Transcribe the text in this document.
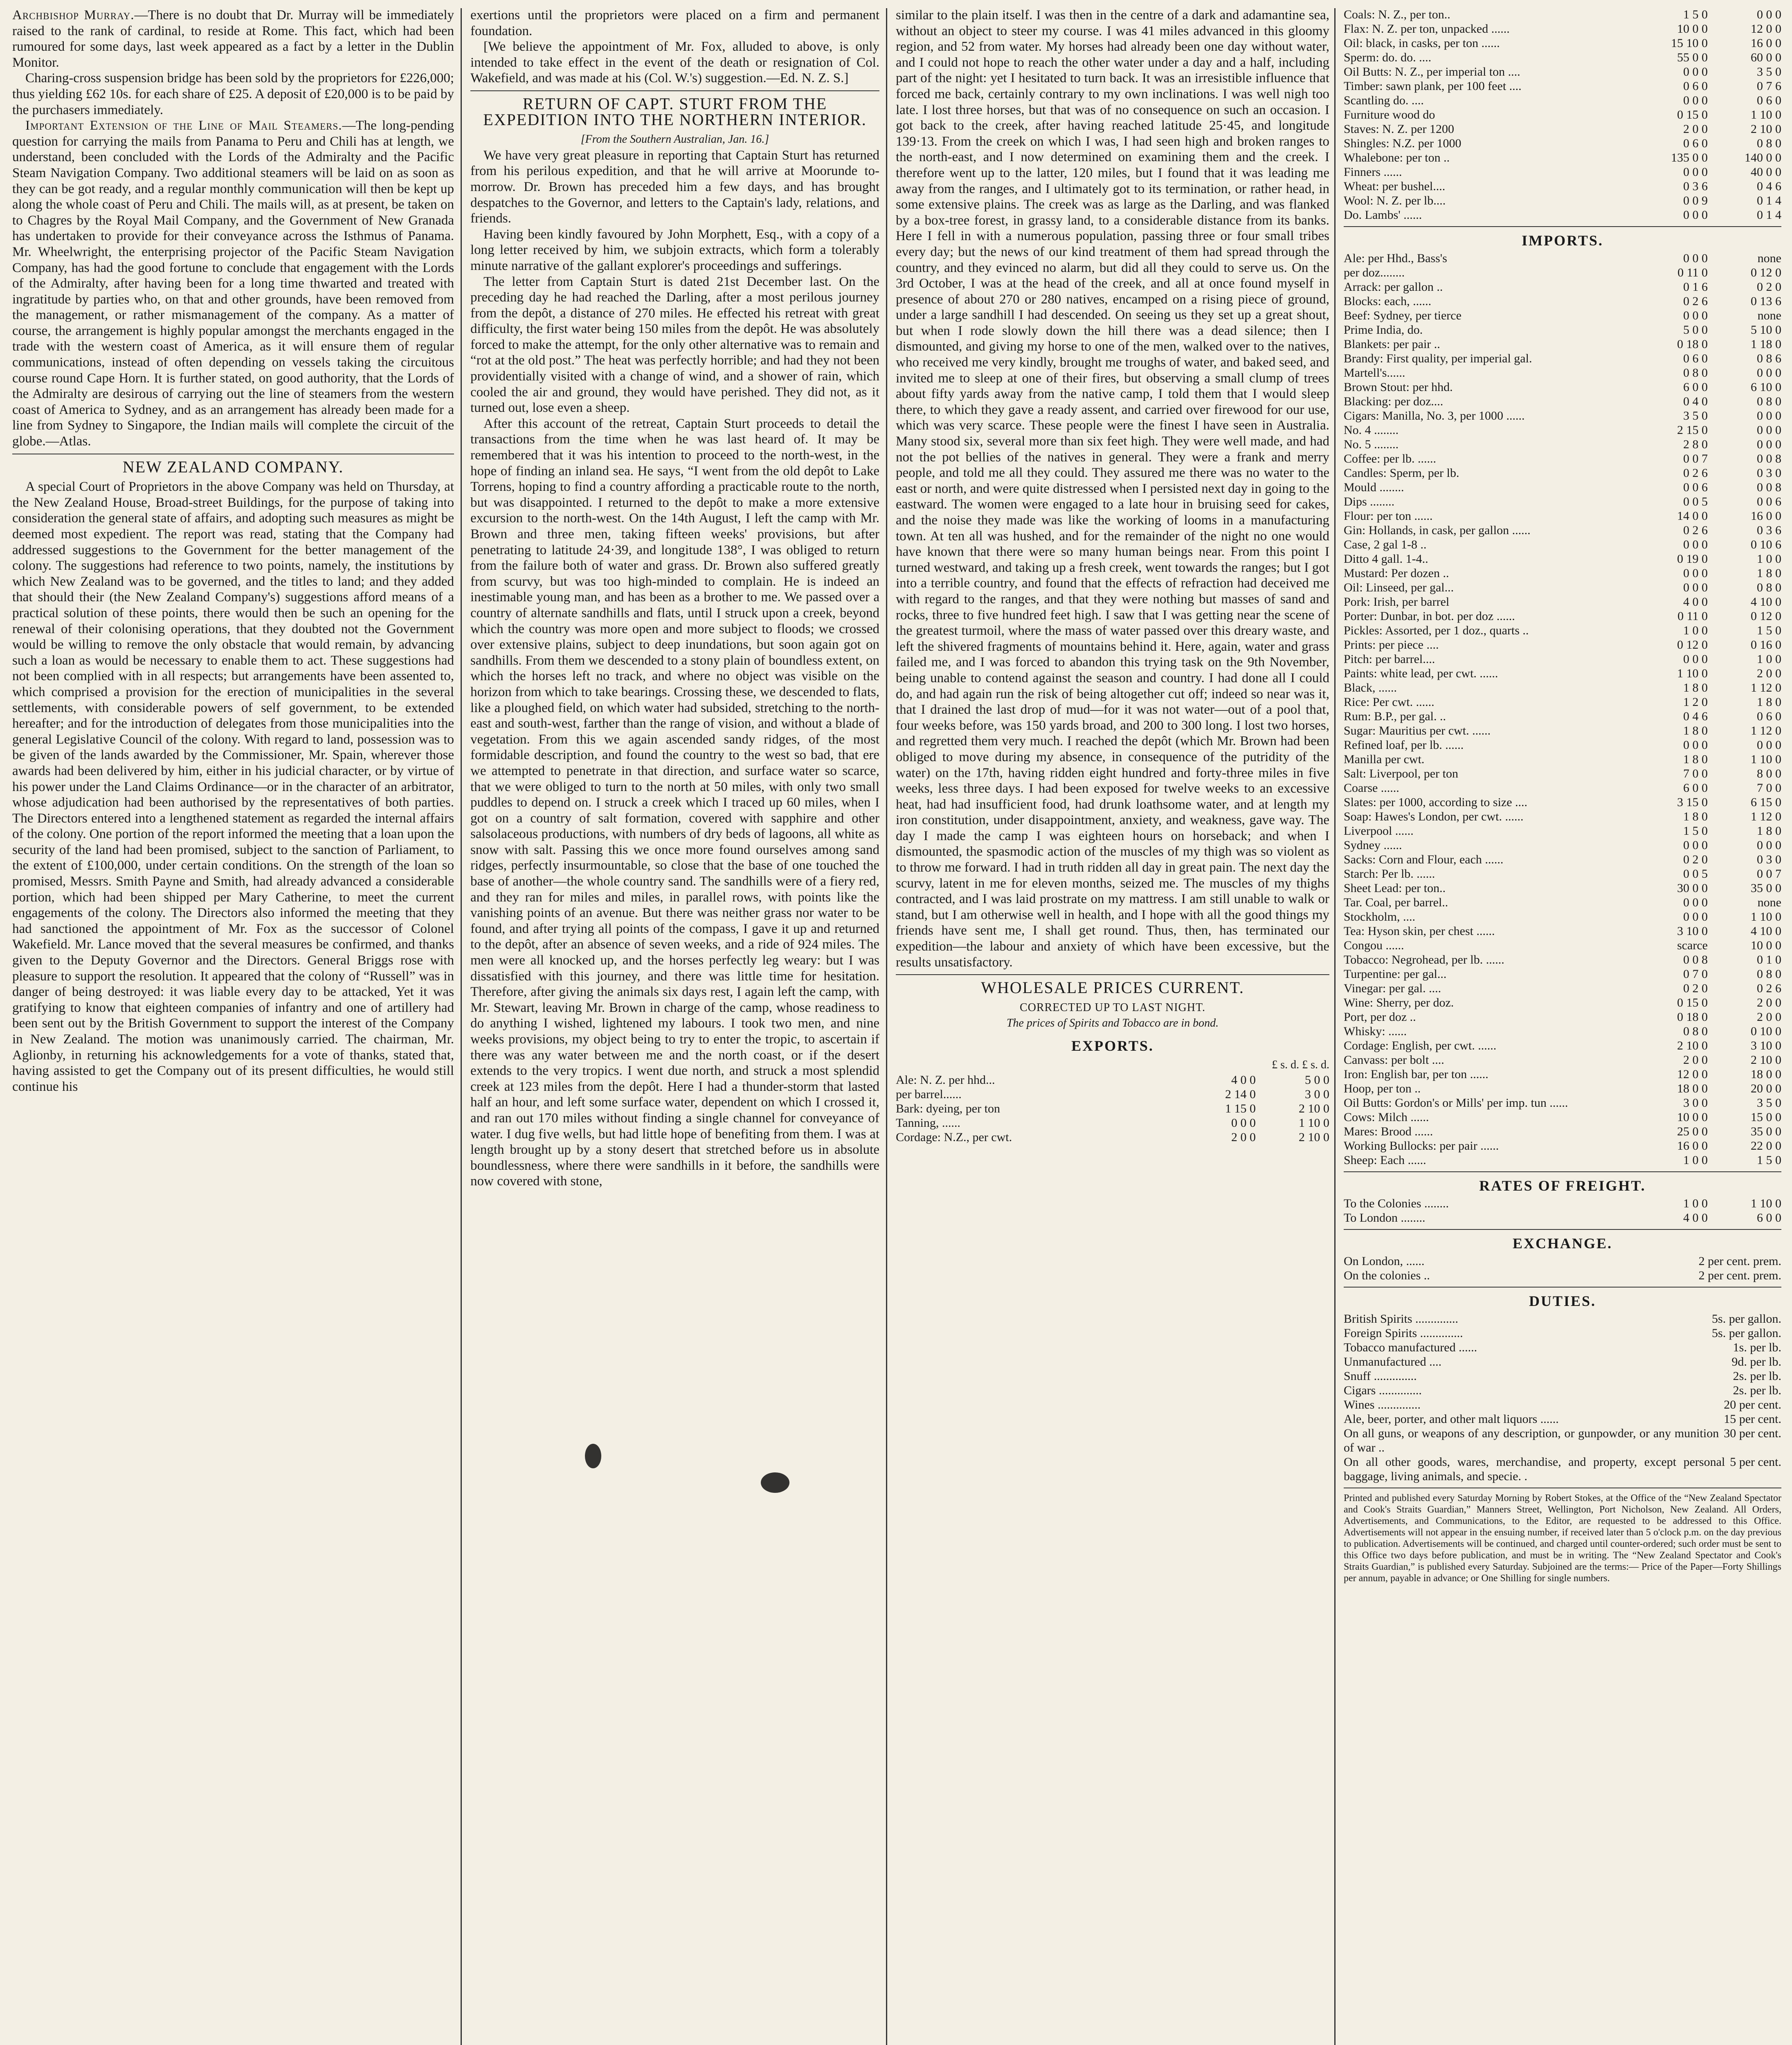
Archbishop Murray.—There is no doubt that Dr. Murray will be immediately raised to the rank of cardinal, to reside at Rome. This fact, which had been rumoured for some days, last week appeared as a fact by a letter in the Dublin Monitor.

Charing-cross suspension bridge has been sold by the proprietors for £226,000; thus yielding £62 10s. for each share of £25. A deposit of £20,000 is to be paid by the purchasers immediately.

Important Extension of the Line of Mail Steamers.—The long-pending question for carrying the mails from Panama to Peru and Chili has at length, we understand, been concluded with the Lords of the Admiralty and the Pacific Steam Navigation Company. Two additional steamers will be laid on as soon as they can be got ready, and a regular monthly communication will then be kept up along the whole coast of Peru and Chili. The mails will, as at present, be taken on to Chagres by the Royal Mail Company, and the Government of New Granada has undertaken to provide for their conveyance across the Isthmus of Panama. Mr. Wheelwright, the enterprising projector of the Pacific Steam Navigation Company, has had the good fortune to conclude that engagement with the Lords of the Admiralty, after having been for a long time thwarted and treated with ingratitude by parties who, on that and other grounds, have been removed from the management, or rather mismanagement of the company. As a matter of course, the arrangement is highly popular amongst the merchants engaged in the trade with the western coast of America, as it will ensure them of regular communications, instead of often depending on vessels taking the circuitous course round Cape Horn. It is further stated, on good authority, that the Lords of the Admiralty are desirous of carrying out the line of steamers from the western coast of America to Sydney, and as an arrangement has already been made for a line from Sydney to Singapore, the Indian mails will complete the circuit of the globe.—Atlas.

NEW ZEALAND COMPANY.

A special Court of Proprietors in the above Company was held on Thursday, at the New Zealand House, Broad-street Buildings, for the purpose of taking into consideration the general state of affairs, and adopting such measures as might be deemed most expedient. The report was read, stating that the Company had addressed suggestions to the Government for the better management of the colony. The suggestions had reference to two points, namely, the institutions by which New Zealand was to be governed, and the titles to land; and they added that should their (the New Zealand Company's) suggestions afford means of a practical solution of these points, there would then be such an opening for the renewal of their colonising operations, that they doubted not the Government would be willing to remove the only obstacle that would remain, by advancing such a loan as would be necessary to enable them to act. These suggestions had not been complied with in all respects; but arrangements have been assented to, which comprised a provision for the erection of municipalities in the several settlements, with considerable powers of self government, to be extended hereafter; and for the introduction of delegates from those municipalities into the general Legislative Council of the colony. With regard to land, possession was to be given of the lands awarded by the Commissioner, Mr. Spain, wherever those awards had been delivered by him, either in his judicial character, or by virtue of his power under the Land Claims Ordinance—or in the character of an arbitrator, whose adjudication had been authorised by the representatives of both parties. The Directors entered into a lengthened statement as regarded the internal affairs of the colony. One portion of the report informed the meeting that a loan upon the security of the land had been promised, subject to the sanction of Parliament, to the extent of £100,000, under certain conditions. On the strength of the loan so promised, Messrs. Smith Payne and Smith, had already advanced a considerable portion, which had been shipped per Mary Catherine, to meet the current engagements of the colony. The Directors also informed the meeting that they had sanctioned the appointment of Mr. Fox as the successor of Colonel Wakefield. Mr. Lance moved that the several measures be confirmed, and thanks given to the Deputy Governor and the Directors. General Briggs rose with pleasure to support the resolution. It appeared that the colony of “Russell” was in danger of being destroyed: it was liable every day to be attacked, Yet it was gratifying to know that eighteen companies of infantry and one of artillery had been sent out by the British Government to support the interest of the Company in New Zealand. The motion was unanimously carried. The chairman, Mr. Aglionby, in returning his acknowledgements for a vote of thanks, stated that, having assisted to get the Company out of its present difficulties, he would still continue his

exertions until the proprietors were placed on a firm and permanent foundation.

[We believe the appointment of Mr. Fox, alluded to above, is only intended to take effect in the event of the death or resignation of Col. Wakefield, and was made at his (Col. W.'s) suggestion.—Ed. N. Z. S.]

RETURN OF CAPT. STURT FROM THE EXPEDITION INTO THE NORTHERN INTERIOR.

[From the Southern Australian, Jan. 16.]

We have very great pleasure in reporting that Captain Sturt has returned from his perilous expedition, and that he will arrive at Moorunde to-morrow. Dr. Brown has preceded him a few days, and has brought despatches to the Governor, and letters to the Captain's lady, relations, and friends.

Having been kindly favoured by John Morphett, Esq., with a copy of a long letter received by him, we subjoin extracts, which form a tolerably minute narrative of the gallant explorer's proceedings and sufferings.

The letter from Captain Sturt is dated 21st December last. On the preceding day he had reached the Darling, after a most perilous journey from the depôt, a distance of 270 miles. He effected his retreat with great difficulty, the first water being 150 miles from the depôt. He was absolutely forced to make the attempt, for the only other alternative was to remain and “rot at the old post.” The heat was perfectly horrible; and had they not been providentially visited with a change of wind, and a shower of rain, which cooled the air and ground, they would have perished. They did not, as it turned out, lose even a sheep.

After this account of the retreat, Captain Sturt proceeds to detail the transactions from the time when he was last heard of. It may be remembered that it was his intention to proceed to the north-west, in the hope of finding an inland sea. He says, “I went from the old depôt to Lake Torrens, hoping to find a country affording a practicable route to the north, but was disappointed. I returned to the depôt to make a more extensive excursion to the north-west. On the 14th August, I left the camp with Mr. Brown and three men, taking fifteen weeks' provisions, but after penetrating to latitude 24·39, and longitude 138°, I was obliged to return from the failure both of water and grass. Dr. Brown also suffered greatly from scurvy, but was too high-minded to complain. He is indeed an inestimable young man, and has been as a brother to me. We passed over a country of alternate sandhills and flats, until I struck upon a creek, beyond which the country was more open and more subject to floods; we crossed over extensive plains, subject to deep inundations, but soon again got on sandhills. From them we descended to a stony plain of boundless extent, on which the horses left no track, and where no object was visible on the horizon from which to take bearings. Crossing these, we descended to flats, like a ploughed field, on which water had subsided, stretching to the north-east and south-west, farther than the range of vision, and without a blade of vegetation. From this we again ascended sandy ridges, of the most formidable description, and found the country to the west so bad, that ere we attempted to penetrate in that direction, and surface water so scarce, that we were obliged to turn to the north at 50 miles, with only two small puddles to depend on. I struck a creek which I traced up 60 miles, when I got on a country of salt formation, covered with sapphire and other salsolaceous productions, with numbers of dry beds of lagoons, all white as snow with salt. Passing this we once more found ourselves among sand ridges, perfectly insurmountable, so close that the base of one touched the base of another—the whole country sand. The sandhills were of a fiery red, and they ran for miles and miles, in parallel rows, with points like the vanishing points of an avenue. But there was neither grass nor water to be found, and after trying all points of the compass, I gave it up and returned to the depôt, after an absence of seven weeks, and a ride of 924 miles. The men were all knocked up, and the horses perfectly leg weary: but I was dissatisfied with this journey, and there was little time for hesitation. Therefore, after giving the animals six days rest, I again left the camp, with Mr. Stewart, leaving Mr. Brown in charge of the camp, whose readiness to do anything I wished, lightened my labours. I took two men, and nine weeks provisions, my object being to try to enter the tropic, to ascertain if there was any water between me and the north coast, or if the desert extends to the very tropics. I went due north, and struck a most splendid creek at 123 miles from the depôt. Here I had a thunder-storm that lasted half an hour, and left some surface water, dependent on which I crossed it, and ran out 170 miles without finding a single channel for conveyance of water. I dug five wells, but had little hope of benefiting from them. I was at length brought up by a stony desert that stretched before us in absolute boundlessness, where there were sandhills in it before, the sandhills were now covered with stone,

similar to the plain itself. I was then in the centre of a dark and adamantine sea, without an object to steer my course. I was 41 miles advanced in this gloomy region, and 52 from water. My horses had already been one day without water, and I could not hope to reach the other water under a day and a half, including part of the night: yet I hesitated to turn back. It was an irresistible influence that forced me back, certainly contrary to my own inclinations. I was well nigh too late. I lost three horses, but that was of no consequence on such an occasion. I got back to the creek, after having reached latitude 25·45, and longitude 139·13. From the creek on which I was, I had seen high and broken ranges to the north-east, and I now determined on examining them and the creek. I therefore went up to the latter, 120 miles, but I found that it was leading me away from the ranges, and I ultimately got to its termination, or rather head, in some extensive plains. The creek was as large as the Darling, and was flanked by a box-tree forest, in grassy land, to a considerable distance from its banks. Here I fell in with a numerous population, passing three or four small tribes every day; but the news of our kind treatment of them had spread through the country, and they evinced no alarm, but did all they could to serve us. On the 3rd October, I was at the head of the creek, and all at once found myself in presence of about 270 or 280 natives, encamped on a rising piece of ground, under a large sandhill I had descended. On seeing us they set up a great shout, but when I rode slowly down the hill there was a dead silence; then I dismounted, and giving my horse to one of the men, walked over to the natives, who received me very kindly, brought me troughs of water, and baked seed, and invited me to sleep at one of their fires, but observing a small clump of trees about fifty yards away from the native camp, I told them that I would sleep there, to which they gave a ready assent, and carried over firewood for our use, which was very scarce. These people were the finest I have seen in Australia. Many stood six, several more than six feet high. They were well made, and had not the pot bellies of the natives in general. They were a frank and merry people, and told me all they could. They assured me there was no water to the east or north, and were quite distressed when I persisted next day in going to the eastward. The women were engaged to a late hour in bruising seed for cakes, and the noise they made was like the working of looms in a manufacturing town. At ten all was hushed, and for the remainder of the night no one would have known that there were so many human beings near. From this point I turned westward, and taking up a fresh creek, went towards the ranges; but I got into a terrible country, and found that the effects of refraction had deceived me with regard to the ranges, and that they were nothing but masses of sand and rocks, three to five hundred feet high. I saw that I was getting near the scene of the greatest turmoil, where the mass of water passed over this dreary waste, and left the shivered fragments of mountains behind it. Here, again, water and grass failed me, and I was forced to abandon this trying task on the 9th November, being unable to contend against the season and country. I had done all I could do, and had again run the risk of being altogether cut off; indeed so near was it, that I drained the last drop of mud—for it was not water—out of a pool that, four weeks before, was 150 yards broad, and 200 to 300 long. I lost two horses, and regretted them very much. I reached the depôt (which Mr. Brown had been obliged to move during my absence, in consequence of the putridity of the water) on the 17th, having ridden eight hundred and forty-three miles in five weeks, less three days. I had been exposed for twelve weeks to an excessive heat, had had insufficient food, had drunk loathsome water, and at length my iron constitution, under disappointment, anxiety, and weakness, gave way. The day I made the camp I was eighteen hours on horseback; and when I dismounted, the spasmodic action of the muscles of my thigh was so violent as to throw me forward. I had in truth ridden all day in great pain. The next day the scurvy, latent in me for eleven months, seized me. The muscles of my thighs contracted, and I was laid prostrate on my mattress. I am still unable to walk or stand, but I am otherwise well in health, and I hope with all the good things my friends have sent me, I shall get round. Thus, then, has terminated our expedition—the labour and anxiety of which have been excessive, but the results unsatisfactory.

WHOLESALE PRICES CURRENT.

CORRECTED UP TO LAST NIGHT.

The prices of Spirits and Tobacco are in bond.

EXPORTS.

£ s. d. £ s. d.

Ale: N. Z. per hhd...	4 0 0	5 0 0
per barrel......	2 14 0	3 0 0
Bark: dyeing, per ton	1 15 0	2 10 0
Tanning, ......	0 0 0	1 10 0
Cordage: N.Z., per cwt.	2 0 0	2 10 0
Coals: N. Z., per ton..	1 5 0	0 0 0
Flax: N. Z. per ton, unpacked ......	10 0 0	12 0 0
Oil: black, in casks, per ton ......	15 10 0	16 0 0
Sperm: do. do. ....	55 0 0	60 0 0
Oil Butts: N. Z., per imperial ton ....	0 0 0	3 5 0
Timber: sawn plank, per 100 feet ....	0 6 0	0 7 6
Scantling do. ....	0 0 0	0 6 0
Furniture wood do	0 15 0	1 10 0
Staves: N. Z. per 1200	2 0 0	2 10 0
Shingles: N.Z. per 1000	0 6 0	0 8 0
Whalebone: per ton ..	135 0 0	140 0 0
Finners ......	0 0 0	40 0 0
Wheat: per bushel....	0 3 6	0 4 6
Wool: N. Z. per lb....	0 0 9	0 1 4
Do. Lambs' ......	0 0 0	0 1 4
IMPORTS.
Ale: per Hhd., Bass's	0 0 0	none
per doz........	0 11 0	0 12 0
Arrack: per gallon ..	0 1 6	0 2 0
Blocks: each, ......	0 2 6	0 13 6
Beef: Sydney, per tierce	0 0 0	none
Prime India, do.	5 0 0	5 10 0
Blankets: per pair ..	0 18 0	1 18 0
Brandy: First quality, per imperial gal.	0 6 0	0 8 6
Martell's......	0 8 0	0 0 0
Brown Stout: per hhd.	6 0 0	6 10 0
Blacking: per doz....	0 4 0	0 8 0
Cigars: Manilla, No. 3, per 1000 ......	3 5 0	0 0 0
No. 4 ........	2 15 0	0 0 0
No. 5 ........	2 8 0	0 0 0
Coffee: per lb. ......	0 0 7	0 0 8
Candles: Sperm, per lb.	0 2 6	0 3 0
Mould ........	0 0 6	0 0 8
Dips ........	0 0 5	0 0 6
Flour: per ton ......	14 0 0	16 0 0
Gin: Hollands, in cask, per gallon ......	0 2 6	0 3 6
Case, 2 gal 1-8 ..	0 0 0	0 10 6
Ditto 4 gall. 1-4..	0 19 0	1 0 0
Mustard: Per dozen ..	0 0 0	1 8 0
Oil: Linseed, per gal...	0 0 0	0 8 0
Pork: Irish, per barrel	4 0 0	4 10 0
Porter: Dunbar, in bot. per doz ......	0 11 0	0 12 0
Pickles: Assorted, per 1 doz., quarts ..	1 0 0	1 5 0
Prints: per piece ....	0 12 0	0 16 0
Pitch: per barrel....	0 0 0	1 0 0
Paints: white lead, per cwt. ......	1 10 0	2 0 0
Black, ......	1 8 0	1 12 0
Rice: Per cwt. ......	1 2 0	1 8 0
Rum: B.P., per gal. ..	0 4 6	0 6 0
Sugar: Mauritius per cwt. ......	1 8 0	1 12 0
Refined loaf, per lb. ......	0 0 0	0 0 0
Manilla per cwt.	1 8 0	1 10 0
Salt: Liverpool, per ton	7 0 0	8 0 0
Coarse ......	6 0 0	7 0 0
Slates: per 1000, according to size ....	3 15 0	6 15 0
Soap: Hawes's London, per cwt. ......	1 8 0	1 12 0
Liverpool ......	1 5 0	1 8 0
Sydney ......	0 0 0	0 0 0
Sacks: Corn and Flour, each ......	0 2 0	0 3 0
Starch: Per lb. ......	0 0 5	0 0 7
Sheet Lead: per ton..	30 0 0	35 0 0
Tar. Coal, per barrel..	0 0 0	none
Stockholm, ....	0 0 0	1 10 0
Tea: Hyson skin, per chest ......	3 10 0	4 10 0
Congou ......	scarce	10 0 0
Tobacco: Negrohead, per lb. ......	0 0 8	0 1 0
Turpentine: per gal...	0 7 0	0 8 0
Vinegar: per gal. ....	0 2 0	0 2 6
Wine: Sherry, per doz.	0 15 0	2 0 0
Port, per doz ..	0 18 0	2 0 0
Whisky: ......	0 8 0	0 10 0
Cordage: English, per cwt. ......	2 10 0	3 10 0
Canvass: per bolt ....	2 0 0	2 10 0
Iron: English bar, per ton ......	12 0 0	18 0 0
Hoop, per ton ..	18 0 0	20 0 0
Oil Butts: Gordon's or Mills' per imp. tun ......	3 0 0	3 5 0
Cows: Milch ......	10 0 0	15 0 0
Mares: Brood ......	25 0 0	35 0 0
Working Bullocks: per pair ......	16 0 0	22 0 0
Sheep: Each ......	1 0 0	1 5 0
RATES OF FREIGHT.
To the Colonies ........	1 0 0	1 10 0
To London ........	4 0 0	6 0 0
EXCHANGE.
On London, ......	2 per cent. prem.
On the colonies ..	2 per cent. prem.
DUTIES.
British Spirits ..............	5s. per gallon.
Foreign Spirits ..............	5s. per gallon.
Tobacco manufactured ......	1s. per lb.
Unmanufactured ....	9d. per lb.
Snuff ..............	2s. per lb.
Cigars ..............	2s. per lb.
Wines ..............	20 per cent.
Ale, beer, porter, and other malt liquors ......	15 per cent.
On all guns, or weapons of any description, or gunpowder, or any munition of war ..
30 per cent.
On all other goods, wares, merchandise, and property, except personal baggage, living animals, and specie. .
5 per cent.
Printed and published every Saturday Morning by Robert Stokes, at the Office of the “New Zealand Spectator and Cook's Straits Guardian,” Manners Street, Wellington, Port Nicholson, New Zealand. All Orders, Advertisements, and Communications, to the Editor, are requested to be addressed to this Office. Advertisements will not appear in the ensuing number, if received later than 5 o'clock p.m. on the day previous to publication. Advertisements will be continued, and charged until counter-ordered; such order must be sent to this Office two days before publication, and must be in writing. The “New Zealand Spectator and Cook's Straits Guardian,” is published every Saturday. Subjoined are the terms:— Price of the Paper—Forty Shillings per annum, payable in advance; or One Shilling for single numbers.
